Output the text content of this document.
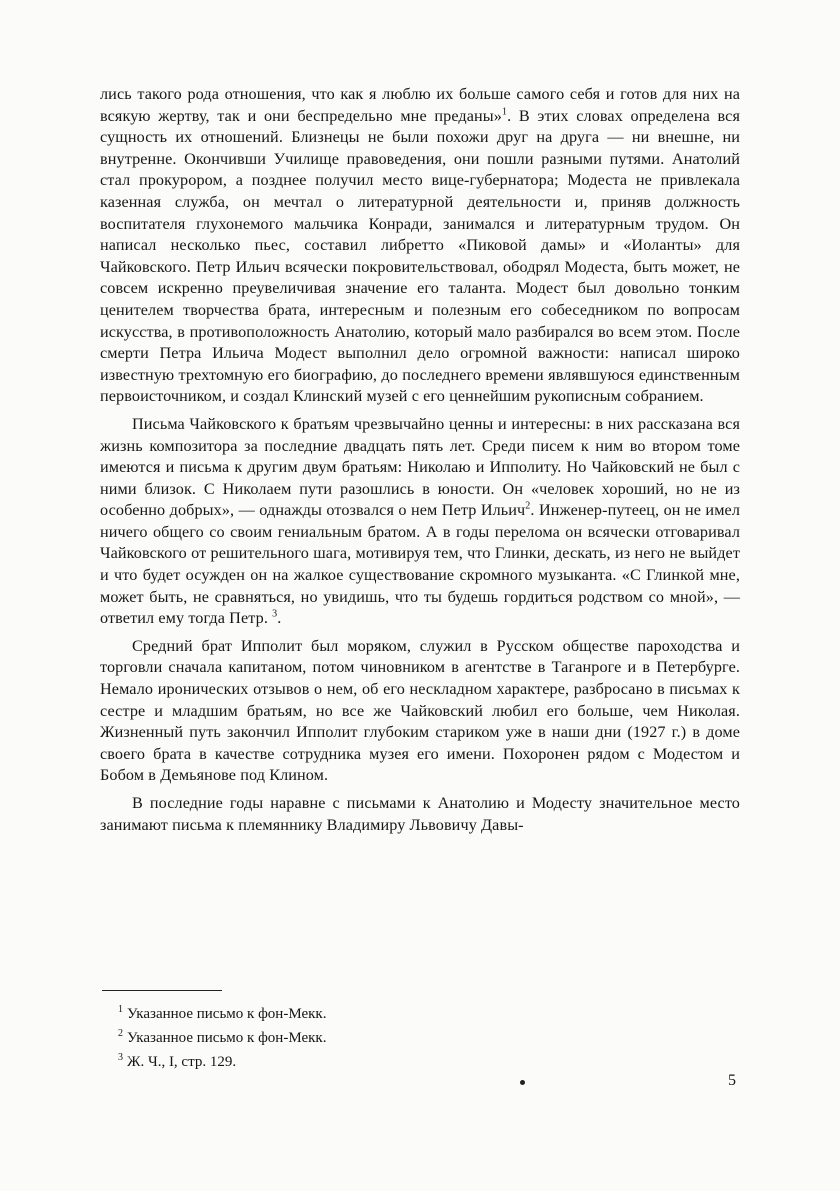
лись такого рода отношения, что как я люблю их больше самого себя и готов для них на всякую жертву, так и они беспредельно мне преданы»$^1$. В этих словах определена вся сущность их отношений. Близнецы не были похожи друг на друга — ни внешне, ни внутренне. Окончивши Училище правоведения, они пошли разными путями. Анатолий стал прокурором, а позднее получил место вице-губернатора; Модеста не привлекала казенная служба, он мечтал о литературной деятельности и, приняв должность воспитателя глухонемого мальчика Конради, занимался и литературным трудом. Он написал несколько пьес, составил либретто «Пиковой дамы» и «Иоланты» для Чайковского. Петр Ильич всячески покровительствовал, ободрял Модеста, быть может, не совсем искренно преувеличивая значение его таланта. Модест был довольно тонким ценителем творчества брата, интересным и полезным его собеседником по вопросам искусства, в противоположность Анатолию, который мало разбирался во всем этом. После смерти Петра Ильича Модест выполнил дело огромной важности: написал широко известную трехтомную его биографию, до последнего времени являвшуюся единственным первоисточником, и создал Клинский музей с его ценнейшим рукописным собранием.

Письма Чайковского к братьям чрезвычайно ценны и интересны: в них рассказана вся жизнь композитора за последние двадцать пять лет. Среди писем к ним во втором томе имеются и письма к другим двум братьям: Николаю и Ипполиту. Но Чайковский не был с ними близок. С Николаем пути разошлись в юности. Он «человек хороший, но не из особенно добрых», — однажды отозвался о нем Петр Ильич$^2$. Инженер-путеец, он не имел ничего общего со своим гениальным братом. А в годы перелома он всячески отговаривал Чайковского от решительного шага, мотивируя тем, что Глинки, дескать, из него не выйдет и что будет осужден он на жалкое существование скромного музыканта. «С Глинкой мне, может быть, не сравняться, но увидишь, что ты будешь гордиться родством со мной», — ответил ему тогда Петр. $^3$.

Средний брат Ипполит был моряком, служил в Русском обществе пароходства и торговли сначала капитаном, потом чиновником в агентстве в Таганроге и в Петербурге. Немало иронических отзывов о нем, об его нескладном характере, разбросано в письмах к сестре и младшим братьям, но все же Чайковский любил его больше, чем Николая. Жизненный путь закончил Ипполит глубоким стариком уже в наши дни (1927 г.) в доме своего брата в качестве сотрудника музея его имени. Похоронен рядом с Модестом и Бобом в Демьянове под Клином.

В последние годы наравне с письмами к Анатолию и Модесту значительное место занимают письма к племяннику Владимиру Львовичу Давы-

$^1$ Указанное письмо к фон-Мекк.

$^2$ Указанное письмо к фон-Мекк.

$^3$ Ж. Ч., I, стр. 129.

5
